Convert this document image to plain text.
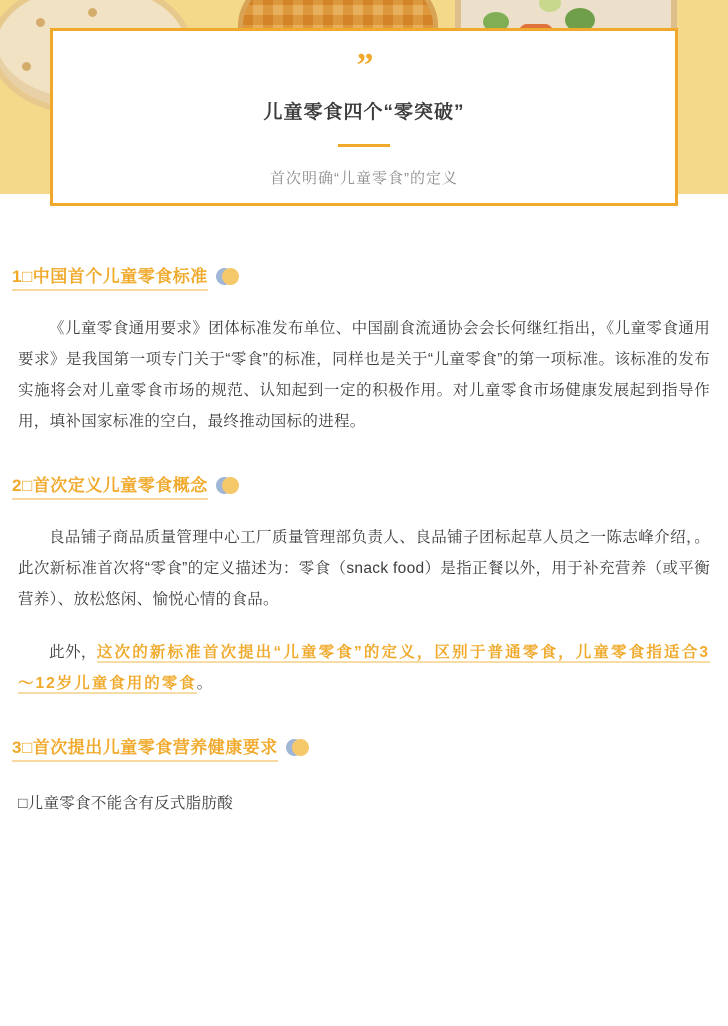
”
儿童零食四个“零突破”
首次明确“儿童零食”的定义
1□中国首个儿童零食标准

《儿童零食通用要求》团体标准发布单位、中国副食流通协会会长何继红指出，《儿童零食通用要求》是我国第一项专门关于“零食”的标准，同样也是关于“儿童零食”的第一项标准。该标准的发布实施将会对儿童零食市场的规范、认知起到一定的积极作用。对儿童零食市场健康发展起到指导作用，填补国家标准的空白，最终推动国标的进程。

2□首次定义儿童零食概念

良品铺子商品质量管理中心工厂质量管理部负责人、良品铺子团标起草人员之一陈志峰介绍，。此次新标准首次将“零食”的定义描述为：零食（snack food）是指正餐以外，用于补充营养（或平衡营养）、放松悠闲、愉悦心情的食品。

此外，这次的新标准首次提出“儿童零食”的定义，区别于普通零食，儿童零食指适合3～12岁儿童食用的零食。

3□首次提出儿童零食营养健康要求
□儿童零食不能含有反式脂肪酸
